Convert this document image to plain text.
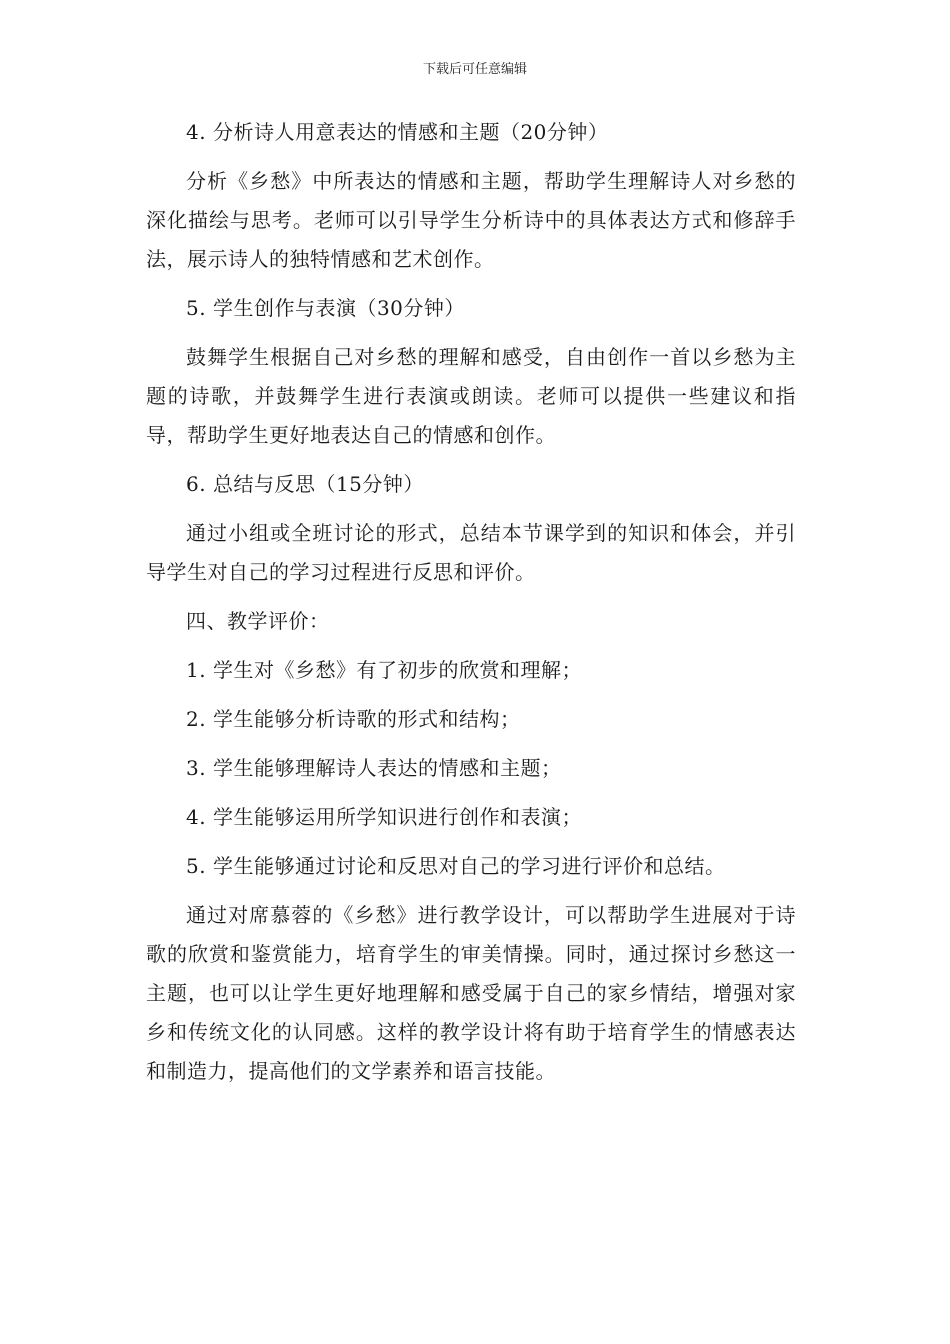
下载后可任意编辑

4. 分析诗人用意表达的情感和主题（20分钟）

分析《乡愁》中所表达的情感和主题，帮助学生理解诗人对乡愁的深化描绘与思考。老师可以引导学生分析诗中的具体表达方式和修辞手法，展示诗人的独特情感和艺术创作。

5. 学生创作与表演（30分钟）

鼓舞学生根据自己对乡愁的理解和感受，自由创作一首以乡愁为主题的诗歌，并鼓舞学生进行表演或朗读。老师可以提供一些建议和指导，帮助学生更好地表达自己的情感和创作。

6. 总结与反思（15分钟）

通过小组或全班讨论的形式，总结本节课学到的知识和体会，并引导学生对自己的学习过程进行反思和评价。

四、教学评价：

1. 学生对《乡愁》有了初步的欣赏和理解；

2. 学生能够分析诗歌的形式和结构；

3. 学生能够理解诗人表达的情感和主题；

4. 学生能够运用所学知识进行创作和表演；

5. 学生能够通过讨论和反思对自己的学习进行评价和总结。

通过对席慕蓉的《乡愁》进行教学设计，可以帮助学生进展对于诗歌的欣赏和鉴赏能力，培育学生的审美情操。同时，通过探讨乡愁这一主题，也可以让学生更好地理解和感受属于自己的家乡情结，增强对家乡和传统文化的认同感。这样的教学设计将有助于培育学生的情感表达和制造力，提高他们的文学素养和语言技能。
